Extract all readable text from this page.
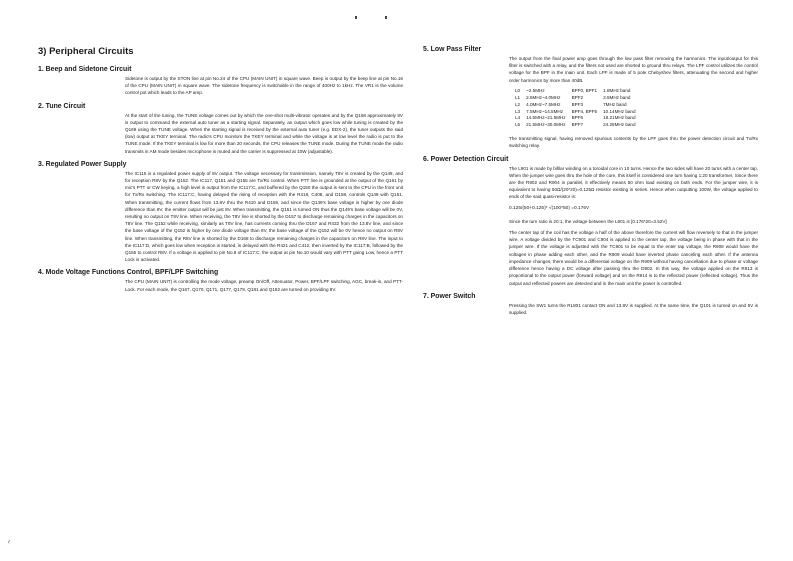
3) Peripheral Circuits
1. Beep and Sidetone Circuit

Sidetone is output by the STON line at pin No.24 of the CPU (MAIN UNIT) in square wave. Beep is output by the beep line at pin No.16 of the CPU (MAIN UNIT) in square wave. The sidetone frequency is switchable in the range of 400Hz to 1kHz. The VR1 is the volume control pot which leads to the AP amp.

2. Tune Circuit

At the start of the tuning, the TUNE voltage comes out by which the one-shot multi-vibrator operates and by the Q168 approximately 8V is output to command the external auto tuner as a starting signal. Separately, an output which goes low while tuning is created by the Q169 using the TUNE voltage. When the starting signal is received by the external auto tuner (e.g. EDX-2), the tuner outputs the said (low) output at TKEY terminal. The radio's CPU monitors the TKEY terminal and while the voltage is at low level the radio is put to the TUNE mode. If the TKEY terminal is low for more than 20 seconds, the CPU releases the TUNE mode. During the TUNE mode the radio transmits in AM mode besides microphone is muted and the carrier is suppressed at 10W (adjustable).

3. Regulated Power Supply

The IC115 is a regulated power supply of 8V output. The voltage necessary for transmission, namely T8V is created by the Q149, and for reception R8V by the Q152. The IC117, Q151 and Q155 are Tx/Rx control. When PTT line is grounded at the output of the Q161 by mic's PTT or CW keying, a high level is output from the IC117:C, and buffered by the Q150 the output is sent to the CPU in the front unit for Tx/Rx switching. The IC117:C, having delayed the rising of reception with the R418, C408, and D158, controls Q149 with Q151. When transmitting, the current flows from 13.8V thru the R410 and D156, and since the Q149's base voltage is higher by one diode difference than 8V, the emitter output will be just 8V. When transmitting, the Q151 is turned ON thus the Q149's base voltage will be 0V, resulting no output on T8V line. When receiving, the T8V line is shorted by the D157 to discharge remaining charges in the capacitors on T8V line. The Q152 while receiving, similarly as T8V line, has currents coming thru the D167 and R432 from the 13.8V line, and since the base voltage of the Q152 is higher by one diode voltage than 8V, the base voltage of the Q152 will be 0V hence no output on R8V line. When transmitting, the R8V line is shorted by the D168 to discharge remaining charges in the capacitors on R8V line. The input to the IC117:D, which goes low when reception is started, is delayed with the R421 and C412, then inverted by the IC117:B, followed by the Q155 to control R8V. If a voltage is applied to pin No.8 of IC117:C, the output at pin No.10 would vary with PTT going Low, hence a PTT Lock is activated.

4. Mode Voltage Functions Control, BPF/LPF Switching

The CPU (MAIN UNIT) is controlling the mode voltage, preamp On/Off, Attenuator, Power, BPF/LPF switching, AGC, break-in, and PTT-Lock. For each mode, the Q167, Q170, Q171, Q177, Q179, Q181 and Q182 are turned on providing 8V.

5. Low Pass Filter

The output from the final power amp goes through the low pass filter removing the harmonics. The input/output for this filter is switched with a relay, and the filters not used are shorted to ground thru relays. The LPF control utilizes the control voltage for the BPF in the main unit. Each LPF is made of 5 pole Chebyshev filters, attenuating the second and higher order harmonics by more than 40dB.

L0	~2.5MHz	BPF0, BPF1	1.8MHz band
L1	2.5MHz~4.0MHz	BPF2	3.5MHz band
L2	4.0MHz~7.5MHz	BPF3	7MHz band
L3	7.5MHz~14.5MHz	BPF4, BPF5	10.14MHz band
L4	14.5MHz~21.5MHz	BPF6	18.21MHz band
L5	21.5MHz~30.0MHz	BPF7	24.28MHz band

The transmitting signal, having removed spurious contents by the LPF goes thru the power detection circuit and Tx/Rx switching relay.

6. Power Detection Circuit

The L901 is made by bifilar winding on a toroidal core in 10 turns. Hence the two sides will have 20 turns with a center tap. When the jumper wire goes thru the hole of the core, this itself is considered one turn having 1:20 transformer. Since there are the R902 and R904 in parallel, it effectively means 50 ohm load existing on both ends. For the jumper wire, it is equivalent to having 50Ω/(20*20)=0.125Ω resistor existing in series. Hence when outputting 100W, the voltage applied to ends of the said quasi-resistor is:

0.125/(50+0.125)* √(100*50) =0.176V

Since the turn ratio is 20:1, the voltage between the L901 is [0.176*20=3.52V]

The center tap of the coil has the voltage a half of the above therefore the current will flow reversely to that in the jumper wire. A voltage divided by the TC901 and C904 is applied to the center tap, the voltage being in phase with that in the jumper wire. If the voltage is adjusted with the TC901 to be equal to the enter tap voltage, the R908 would have the voltages in phase adding each other, and the R909 would have inverted phase canceling each other. If the antenna impedance changes, there would be a differential voltage on the R909 without having cancellation due to phase or voltage difference hence having a DC voltage after passing thru the D902. In this way, the voltage applied on the R913 is proportional to the output power (forward voltage) and on the R914 is to the reflected power (reflected voltage). Thus the output and reflected powers are detected and in the main unit the power is controlled.

7. Power Switch

Pressing the SW1 turns the RL801 contact ON and 13.8V is supplied. At the same time, the Q101 is turned on and 5V is supplied.

~
